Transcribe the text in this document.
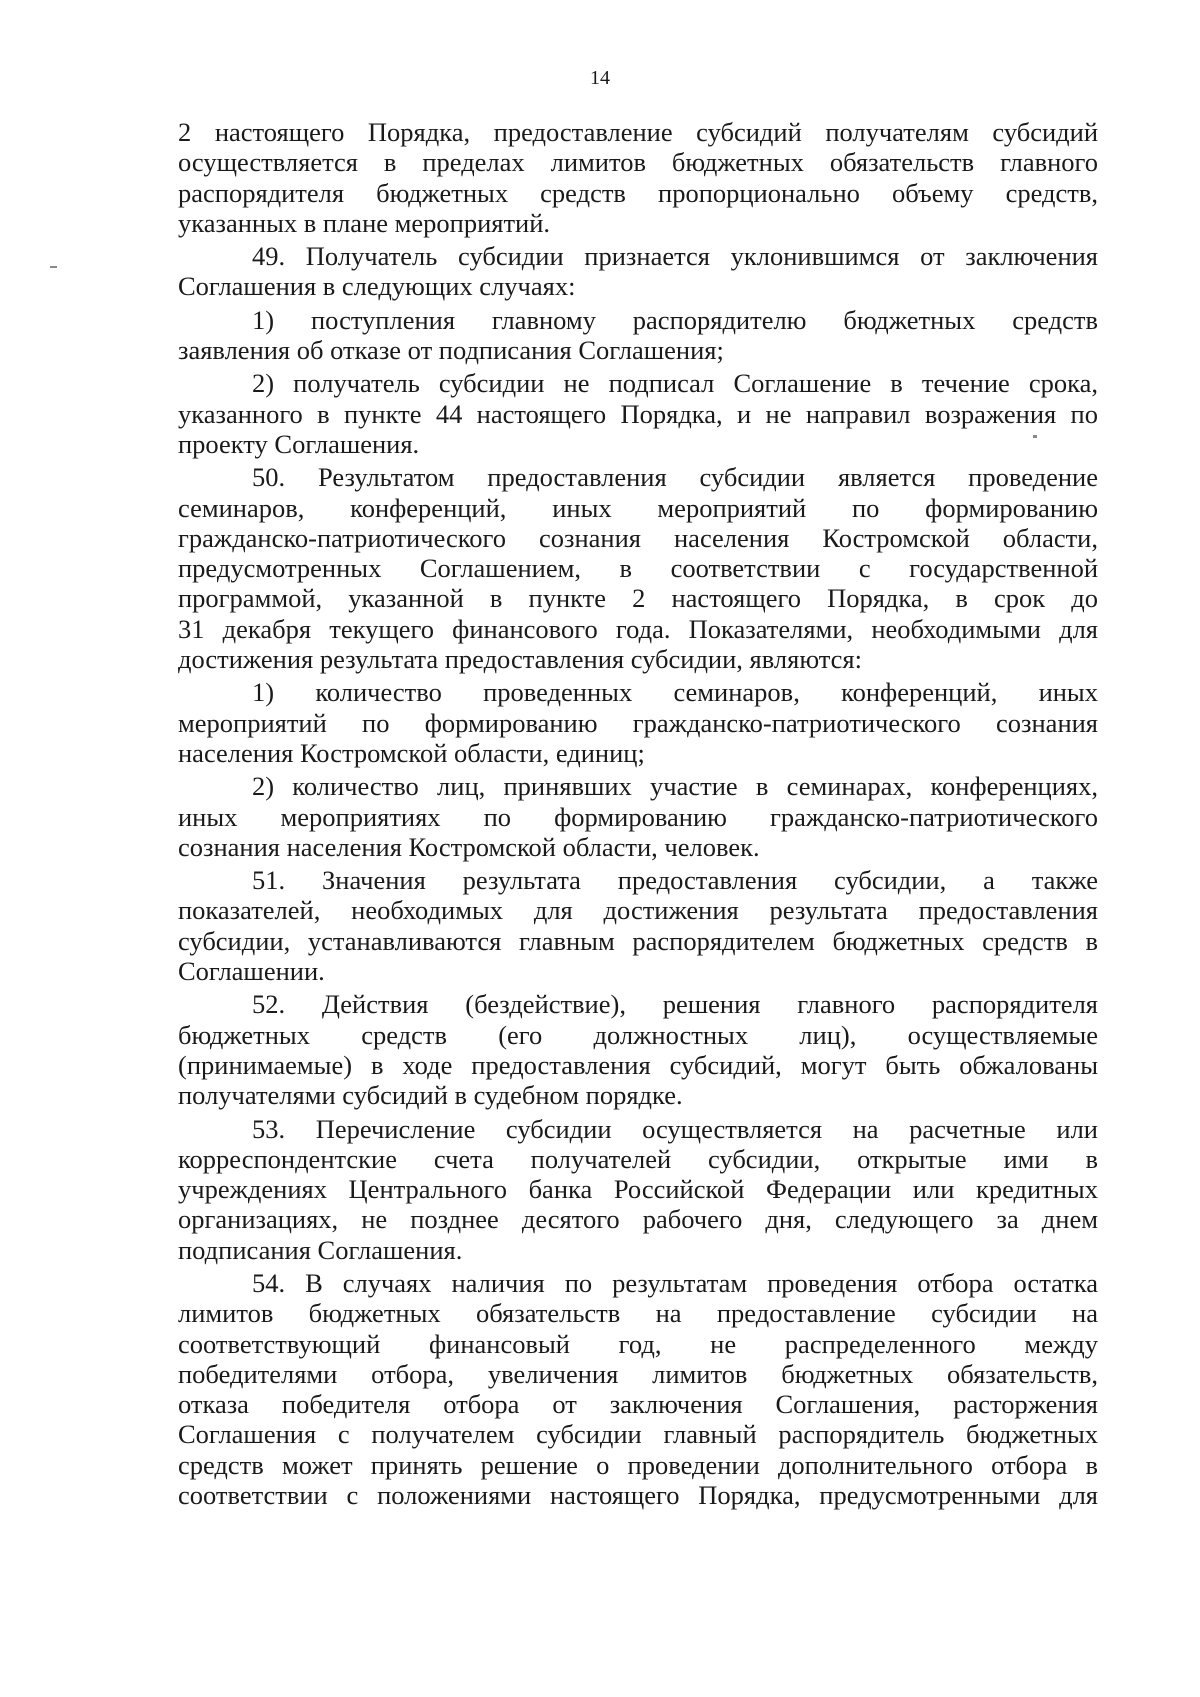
14

2 настоящего Порядка, предоставление субсидий получателям субсидий

осуществляется в пределах лимитов бюджетных обязательств главного

распорядителя бюджетных средств пропорционально объему средств,

указанных в плане мероприятий.

49. Получатель субсидии признается уклонившимся от заключения

Соглашения в следующих случаях:

1) поступления главному распорядителю бюджетных средств

заявления об отказе от подписания Соглашения;

2) получатель субсидии не подписал Соглашение в течение срока,

указанного в пункте 44 настоящего Порядка, и не направил возражения по

проекту Соглашения.

50. Результатом предоставления субсидии является проведение

семинаров, конференций, иных мероприятий по формированию

гражданско-патриотического сознания населения Костромской области,

предусмотренных Соглашением, в соответствии с государственной

программой, указанной в пункте 2 настоящего Порядка, в срок до

31 декабря текущего финансового года. Показателями, необходимыми для

достижения результата предоставления субсидии, являются:

1) количество проведенных семинаров, конференций, иных

мероприятий по формированию гражданско-патриотического сознания

населения Костромской области, единиц;

2) количество лиц, принявших участие в семинарах, конференциях,

иных мероприятиях по формированию гражданско-патриотического

сознания населения Костромской области, человек.

51. Значения результата предоставления субсидии, а также

показателей, необходимых для достижения результата предоставления

субсидии, устанавливаются главным распорядителем бюджетных средств в

Соглашении.

52. Действия (бездействие), решения главного распорядителя

бюджетных средств (его должностных лиц), осуществляемые

(принимаемые) в ходе предоставления субсидий, могут быть обжалованы

получателями субсидий в судебном порядке.

53. Перечисление субсидии осуществляется на расчетные или

корреспондентские счета получателей субсидии, открытые ими в

учреждениях Центрального банка Российской Федерации или кредитных

организациях, не позднее десятого рабочего дня, следующего за днем

подписания Соглашения.

54. В случаях наличия по результатам проведения отбора остатка

лимитов бюджетных обязательств на предоставление субсидии на

соответствующий финансовый год, не распределенного между

победителями отбора, увеличения лимитов бюджетных обязательств,

отказа победителя отбора от заключения Соглашения, расторжения

Соглашения с получателем субсидии главный распорядитель бюджетных

средств может принять решение о проведении дополнительного отбора в

соответствии с положениями настоящего Порядка, предусмотренными для
